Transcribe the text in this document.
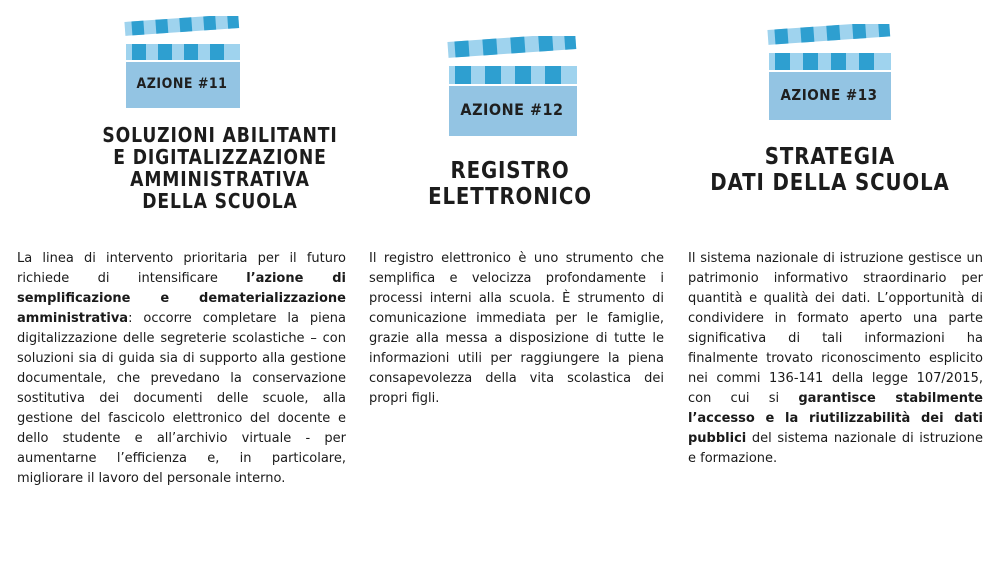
AZIONE #11
SOLUZIONI ABILITANTI
E DIGITALIZZAZIONE
AMMINISTRATIVA
DELLA SCUOLA
La linea di intervento prioritaria per il futuro richiede di intensificare l’azione di semplificazione e dematerializzazione amministrativa: occorre completare la piena digitalizzazione delle segreterie scolastiche – con soluzioni sia di guida sia di supporto alla gestione documentale, che prevedano la conservazione sostitutiva dei documenti delle scuole, alla gestione del fascicolo elettronico del docente e dello studente e all’archivio virtuale - per aumentarne l’efficienza e, in particolare, migliorare il lavoro del personale interno.
AZIONE #12
REGISTRO ELETTRONICO
Il registro elettronico è uno strumento che semplifica e velocizza profondamente i processi interni alla scuola. È strumento di comunicazione immediata per le famiglie, grazie alla messa a disposizione di tutte le informazioni utili per raggiungere la piena consapevolezza della vita scolastica dei propri figli.
AZIONE #13
STRATEGIA
DATI DELLA SCUOLA
Il sistema nazionale di istruzione gestisce un patrimonio informativo straordinario per quantità e qualità dei dati. L’opportunità di condividere in formato aperto una parte significativa di tali informazioni ha finalmente trovato riconoscimento esplicito nei commi 136-141 della legge 107/2015, con cui si garantisce stabilmente l’accesso e la riutilizzabilità dei dati pubblici del sistema nazionale di istruzione e formazione.
